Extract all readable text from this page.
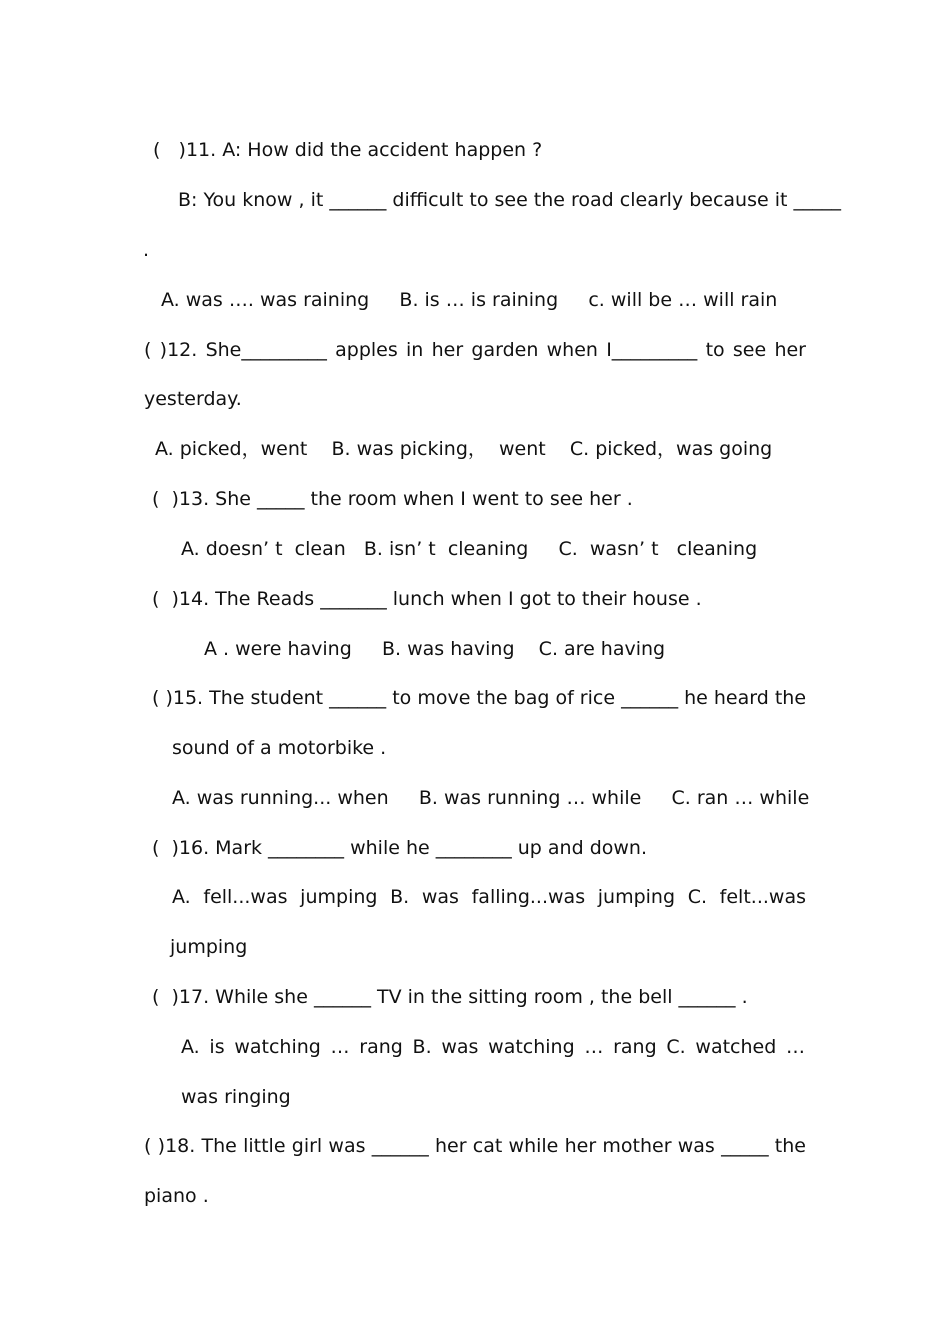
(   )11. A: How did the accident happen ?

B: You know , it ______ difficult to see the road clearly because it _____

.

A. was …. was raining     B. is … is raining     c. will be … will rain

( )12. She_________ apples in her garden when I_________ to see her

yesterday.

A. picked，went    B. was picking，  went    C. picked，was going

(  )13. She _____ the room when I went to see her .

A. doesn’ t  clean   B. isn’ t  cleaning     C.  wasn’ t   cleaning

(  )14. The Reads _______ lunch when I got to their house .

A . were having     B. was having    C. are having

( )15. The student ______ to move the bag of rice ______ he heard the

sound of a motorbike .

A. was running... when     B. was running … while     C. ran … while

(  )16. Mark ________ while he ________ up and down.

A. fell...was jumping B. was falling...was jumping C. felt...was

jumping

(  )17. While she ______ TV in the sitting room , the bell ______ .

A. is watching … rang B. was watching … rang C. watched …

was ringing

( )18. The little girl was ______ her cat while her mother was _____ the

piano .
